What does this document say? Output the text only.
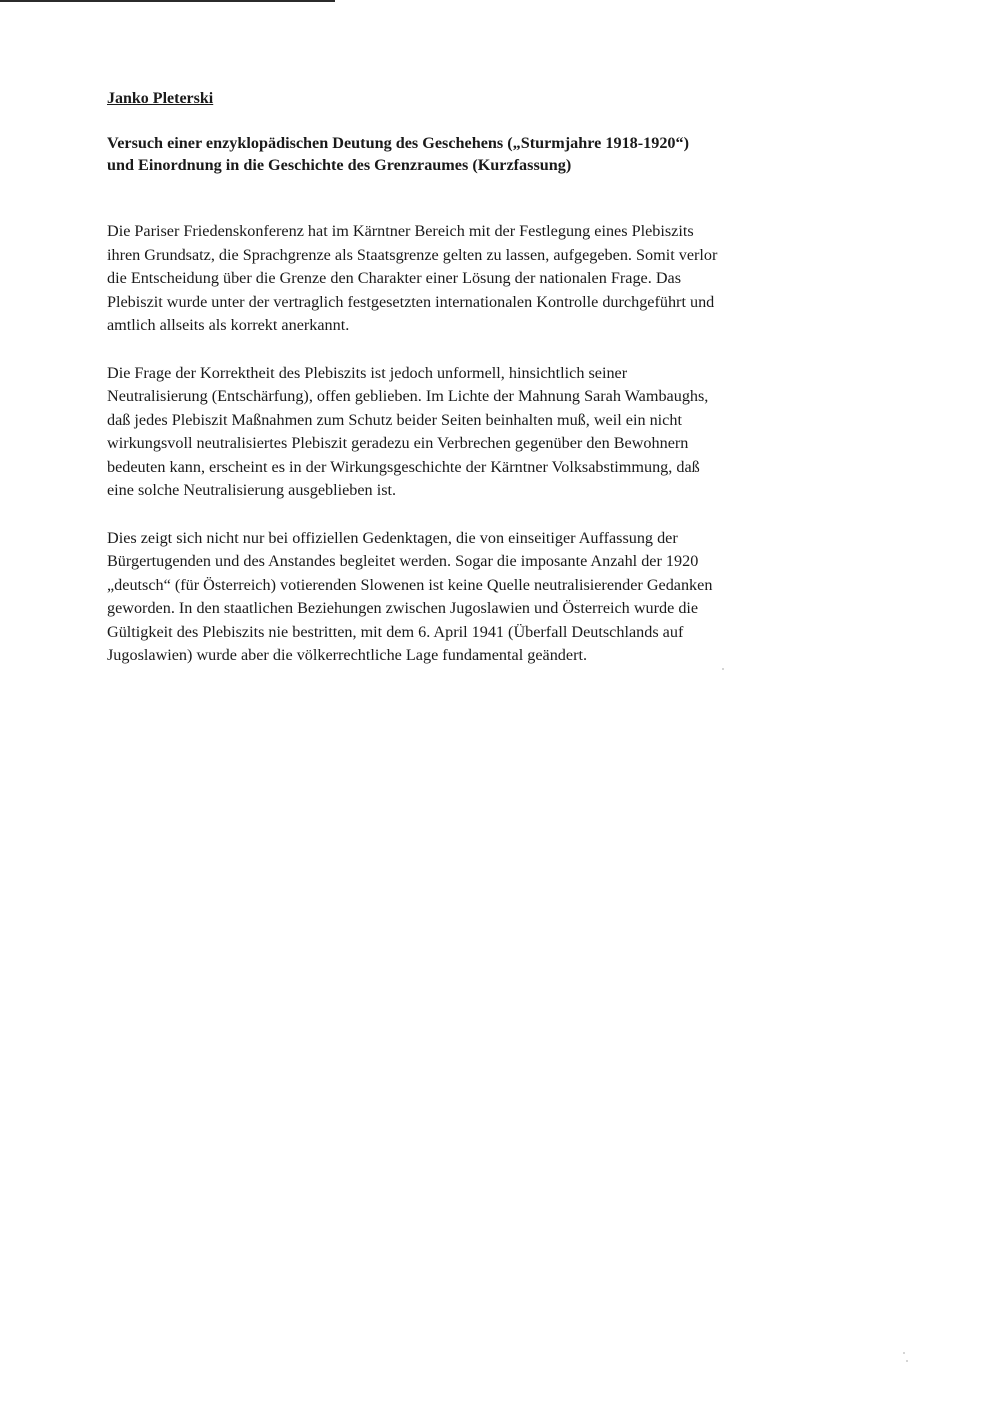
Janko Pleterski
Versuch einer enzyklopädischen Deutung des Geschehens („Sturmjahre 1918-1920“)
und Einordnung in die Geschichte des Grenzraumes (Kurzfassung)
Die Pariser Friedenskonferenz hat im Kärntner Bereich mit der Festlegung eines Plebiszits
ihren Grundsatz, die Sprachgrenze als Staatsgrenze gelten zu lassen, aufgegeben. Somit verlor
die Entscheidung über die Grenze den Charakter einer Lösung der nationalen Frage. Das
Plebiszit wurde unter der vertraglich festgesetzten internationalen Kontrolle durchgeführt und
amtlich allseits als korrekt anerkannt.
Die Frage der Korrektheit des Plebiszits ist jedoch unformell, hinsichtlich seiner
Neutralisierung (Entschärfung), offen geblieben. Im Lichte der Mahnung Sarah Wambaughs,
daß jedes Plebiszit Maßnahmen zum Schutz beider Seiten beinhalten muß, weil ein nicht
wirkungsvoll neutralisiertes Plebiszit geradezu ein Verbrechen gegenüber den Bewohnern
bedeuten kann, erscheint es in der Wirkungsgeschichte der Kärntner Volksabstimmung, daß
eine solche Neutralisierung ausgeblieben ist.
Dies zeigt sich nicht nur bei offiziellen Gedenktagen, die von einseitiger Auffassung der
Bürgertugenden und des Anstandes begleitet werden. Sogar die imposante Anzahl der 1920
„deutsch“ (für Österreich) votierenden Slowenen ist keine Quelle neutralisierender Gedanken
geworden. In den staatlichen Beziehungen zwischen Jugoslawien und Österreich wurde die
Gültigkeit des Plebiszits nie bestritten, mit dem 6. April 1941 (Überfall Deutschlands auf
Jugoslawien) wurde aber die völkerrechtliche Lage fundamental geändert.
